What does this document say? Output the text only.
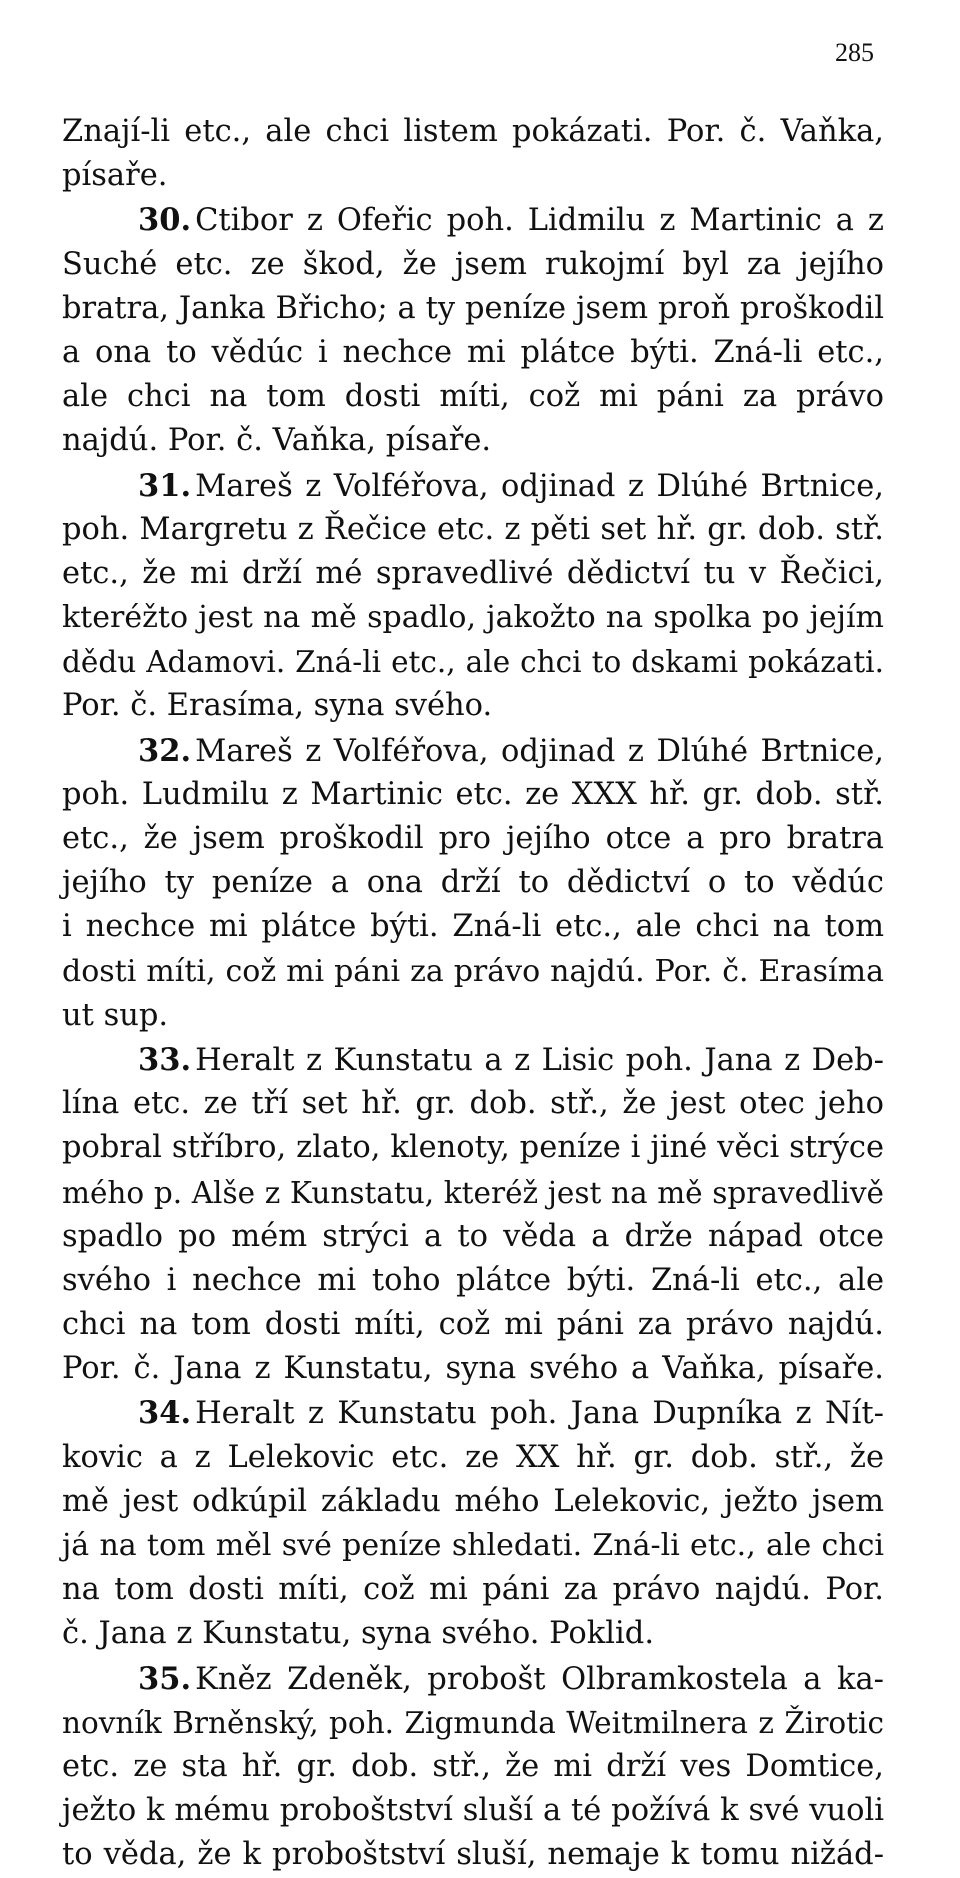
285
Znají-li etc., ale chci listem pokázati. Por. č. Vaňka,
písaře.
30. Ctibor z Ofeřic poh. Lidmilu z Martinic a z
Suché etc. ze škod, že jsem rukojmí byl za jejího
bratra, Janka Břicho; a ty peníze jsem proň proškodil
a ona to vědúc i nechce mi plátce býti. Zná-li etc.,
ale chci na tom dosti míti, což mi páni za právo
najdú. Por. č. Vaňka, písaře.
31. Mareš z Volféřova, odjinad z Dlúhé Brtnice,
poh. Margretu z Řečice etc. z pěti set hř. gr. dob. stř.
etc., že mi drží mé spravedlivé dědictví tu v Řečici,
kteréžto jest na mě spadlo, jakožto na spolka po jejím
dědu Adamovi. Zná-li etc., ale chci to dskami pokázati.
Por. č. Erasíma, syna svého.
32. Mareš z Volféřova, odjinad z Dlúhé Brtnice,
poh. Ludmilu z Martinic etc. ze XXX hř. gr. dob. stř.
etc., že jsem proškodil pro jejího otce a pro bratra
jejího ty peníze a ona drží to dědictví o to vědúc
i nechce mi plátce býti. Zná-li etc., ale chci na tom
dosti míti, což mi páni za právo najdú. Por. č. Erasíma
ut sup.
33. Heralt z Kunstatu a z Lisic poh. Jana z Deb-
lína etc. ze tří set hř. gr. dob. stř., že jest otec jeho
pobral stříbro, zlato, klenoty, peníze i jiné věci strýce
mého p. Alše z Kunstatu, kteréž jest na mě spravedlivě
spadlo po mém strýci a to věda a drže nápad otce
svého i nechce mi toho plátce býti. Zná-li etc., ale
chci na tom dosti míti, což mi páni za právo najdú.
Por. č. Jana z Kunstatu, syna svého a Vaňka, písaře.
34. Heralt z Kunstatu poh. Jana Dupníka z Nít-
kovic a z Lelekovic etc. ze XX hř. gr. dob. stř., že
mě jest odkúpil základu mého Lelekovic, ježto jsem
já na tom měl své peníze shledati. Zná-li etc., ale chci
na tom dosti míti, což mi páni za právo najdú. Por.
č. Jana z Kunstatu, syna svého. Poklid.
35. Kněz Zdeněk, probošt Olbramkostela a ka-
novník Brněnský, poh. Zigmunda Weitmilnera z Žirotic
etc. ze sta hř. gr. dob. stř., že mi drží ves Domtice,
ježto k mému proboštství sluší a té požívá k své vuoli
to věda, že k proboštství sluší, nemaje k tomu nižád-
